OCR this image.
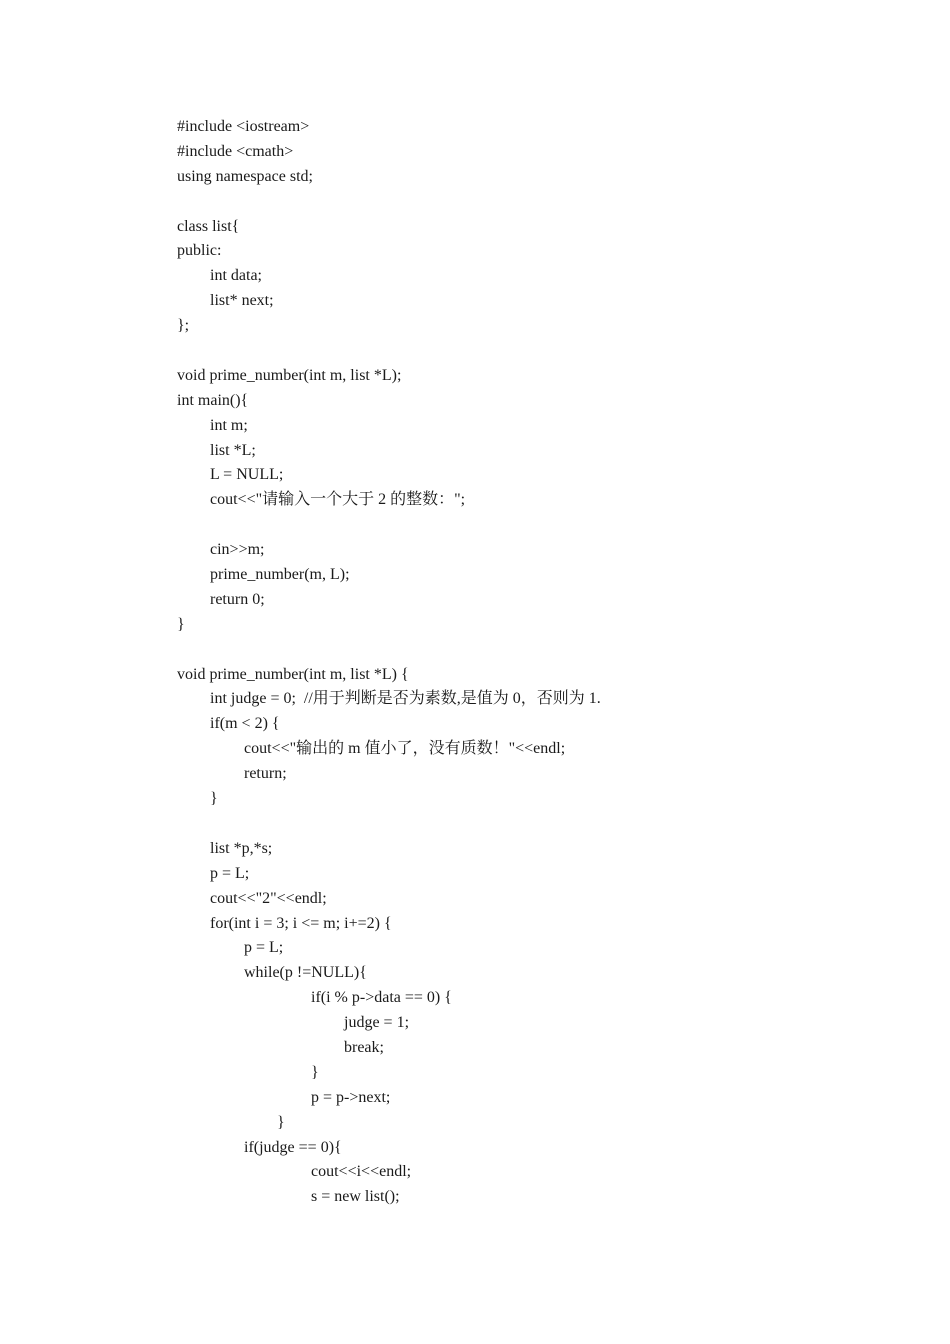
#include <iostream>
#include <cmath>
using namespace std;
class list{
public:
int data;
list* next;
};
void prime_number(int m, list *L);
int main(){
int m;
list *L;
L = NULL;
cout<<"请输入一个大于 2 的整数：";
cin>>m;
prime_number(m, L);
return 0;
}
void prime_number(int m, list *L) {
int judge = 0;  //用于判断是否为素数,是值为 0，否则为 1.
if(m < 2) {
cout<<"输出的 m 值小了，没有质数！"<<endl;
return;
}
list *p,*s;
p = L;
cout<<"2"<<endl;
for(int i = 3; i <= m; i+=2) {
p = L;
while(p !=NULL){
if(i % p->data == 0) {
judge = 1;
break;
}
p = p->next;
}
if(judge == 0){
cout<<i<<endl;
s = new list();
